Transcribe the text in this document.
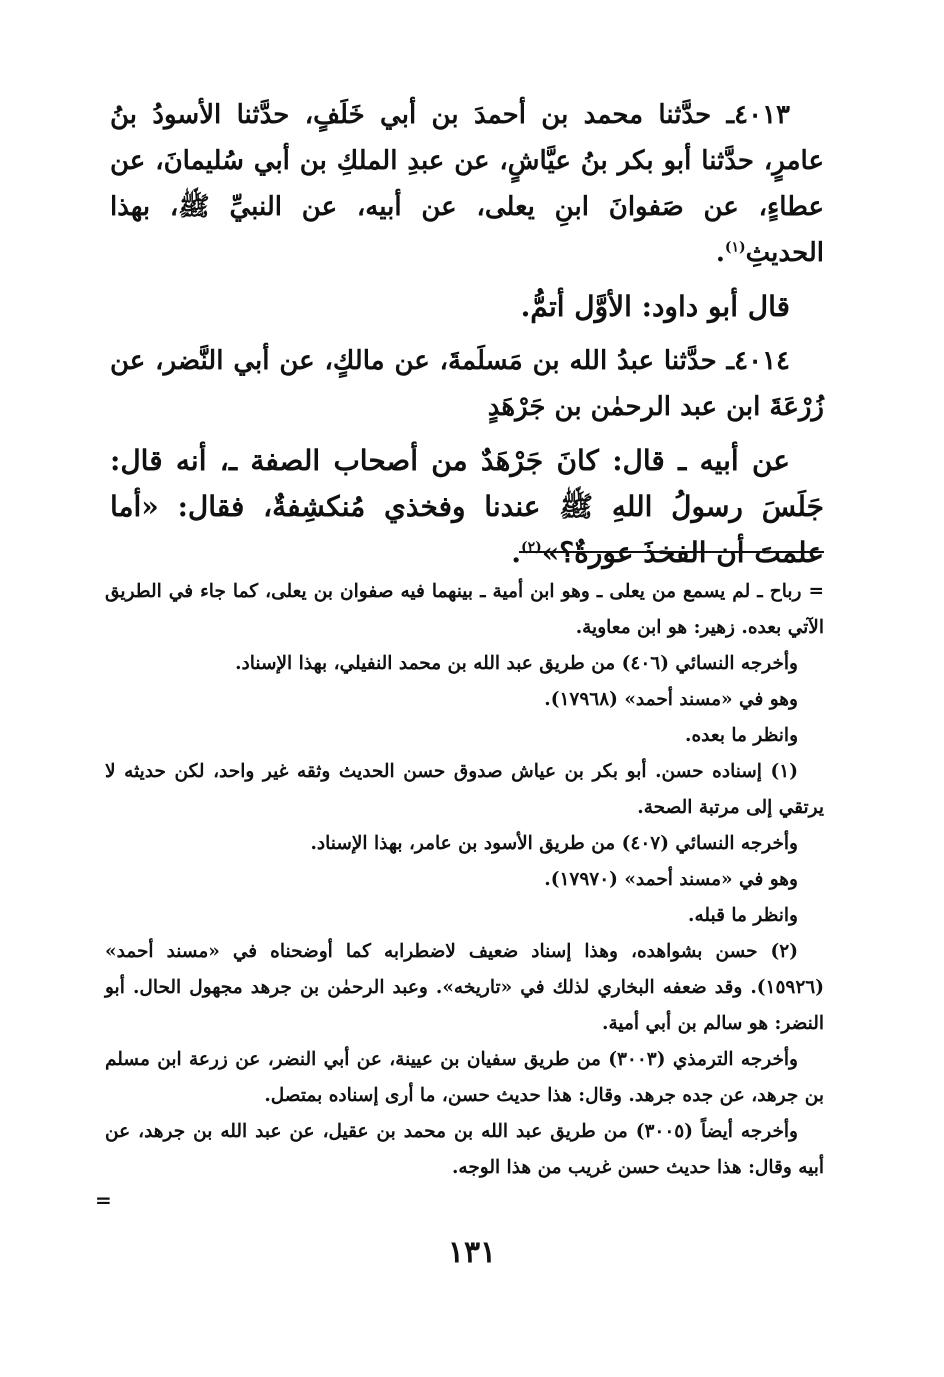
٤٠١٣ـ حدَّثنا محمد بن أحمدَ بن أبي خَلَفٍ، حدَّثنا الأسودُ بنُ عامرٍ، حدَّثنا أبو بكر بنُ عيَّاشٍ، عن عبدِ الملكِ بن أبي سُليمانَ، عن عطاءٍ، عن صَفوانَ ابنِ يعلى، عن أبيه، عن النبيِّ ﷺ، بهذا الحديثِ$^{(١)}$.

قال أبو داود: الأوَّل أتمُّ.

٤٠١٤ـ حدَّثنا عبدُ الله بن مَسلَمةَ، عن مالكٍ، عن أبي النَّضر، عن زُرْعَةَ ابن عبد الرحمٰن بن جَرْهَدٍ

عن أبيه ـ قال: كانَ جَرْهَدٌ من أصحاب الصفة ـ، أنه قال: جَلَسَ رسولُ اللهِ ﷺ عندنا وفخذي مُنكشِفةٌ، فقال: «أما علمتَ أن الفخذَ عورةٌ؟»$^{(٢)}$.

= رباح ـ لم يسمع من يعلى ـ وهو ابن أمية ـ بينهما فيه صفوان بن يعلى، كما جاء في الطريق الآتي بعده. زهير: هو ابن معاوية.

وأخرجه النسائي (٤٠٦) من طريق عبد الله بن محمد النفيلي، بهذا الإسناد.

وهو في «مسند أحمد» (١٧٩٦٨).

وانظر ما بعده.

(١) إسناده حسن. أبو بكر بن عياش صدوق حسن الحديث وثقه غير واحد، لكن حديثه لا يرتقي إلى مرتبة الصحة.

وأخرجه النسائي (٤٠٧) من طريق الأسود بن عامر، بهذا الإسناد.

وهو في «مسند أحمد» (١٧٩٧٠).

وانظر ما قبله.

(٢) حسن بشواهده، وهذا إسناد ضعيف لاضطرابه كما أوضحناه في «مسند أحمد» (١٥٩٢٦). وقد ضعفه البخاري لذلك في «تاريخه». وعبد الرحمٰن بن جرهد مجهول الحال. أبو النضر: هو سالم بن أبي أمية.

وأخرجه الترمذي (٣٠٠٣) من طريق سفيان بن عيينة، عن أبي النضر، عن زرعة ابن مسلم بن جرهد، عن جده جرهد. وقال: هذا حديث حسن، ما أرى إسناده بمتصل.

وأخرجه أيضاً (٣٠٠٥) من طريق عبد الله بن محمد بن عقيل، عن عبد الله بن جرهد، عن أبيه وقال: هذا حديث حسن غريب من هذا الوجه.

=
١٣١
